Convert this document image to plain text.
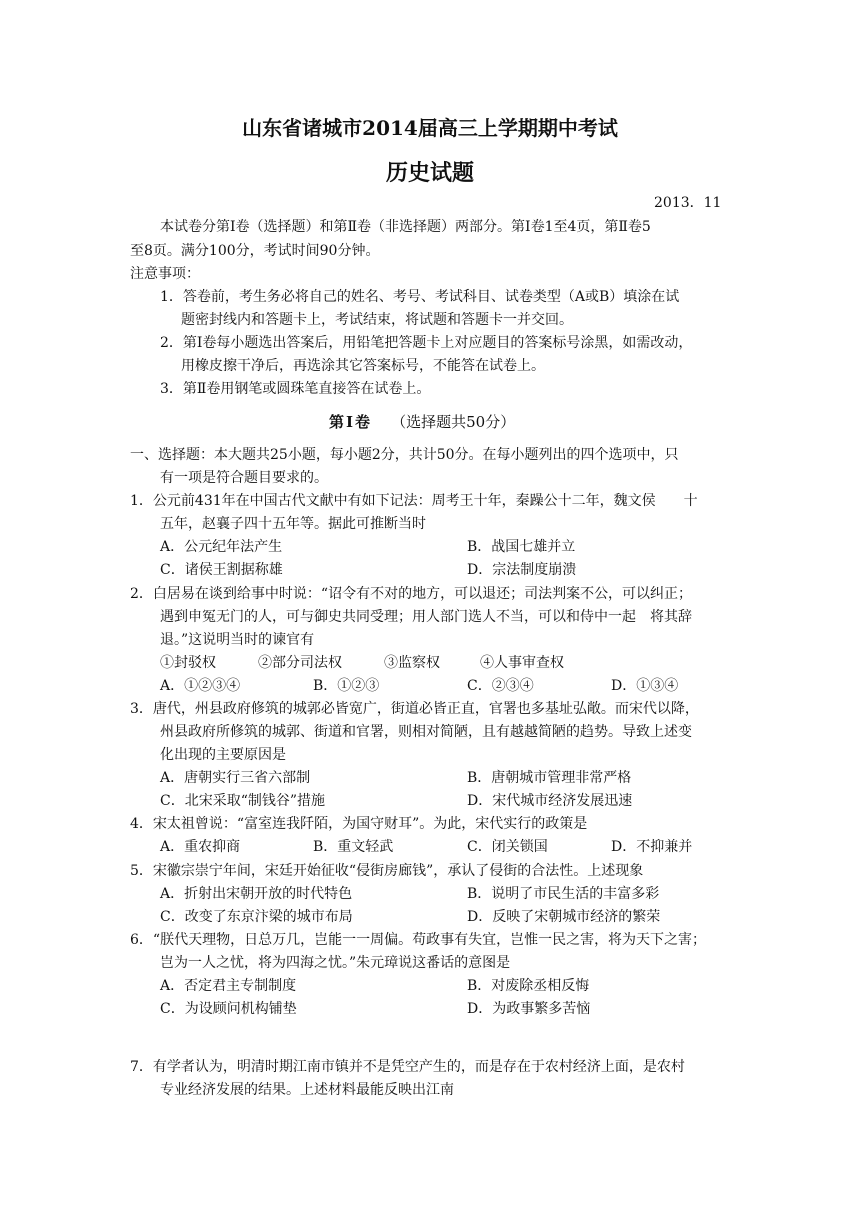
山东省诸城市2014届高三上学期期中考试
历史试题
2013．11
本试卷分第Ⅰ卷（选择题）和第Ⅱ卷（非选择题）两部分。第Ⅰ卷1至4页，第Ⅱ卷5
至8页。满分100分，考试时间90分钟。
注意事项：
1．答卷前，考生务必将自己的姓名、考号、考试科目、试卷类型（A或B）填涂在试
题密封线内和答题卡上，考试结束，将试题和答题卡一并交回。
2．第Ⅰ卷每小题选出答案后，用铅笔把答题卡上对应题目的答案标号涂黑，如需改动，
用橡皮擦干净后，再选涂其它答案标号，不能答在试卷上。
3．第Ⅱ卷用钢笔或圆珠笔直接答在试卷上。
第Ⅰ卷 （选择题共50分）
一、选择题：本大题共25小题，每小题2分，共计50分。在每小题列出的四个选项中，只
有一项是符合题目要求的。
1．公元前431年在中国古代文献中有如下记法：周考王十年，秦躁公十二年，魏文侯　　十
五年，赵襄子四十五年等。据此可推断当时
A．公元纪年法产生	B．战国七雄并立
C．诸侯王割据称雄	D．宗法制度崩溃
2．白居易在谈到给事中时说：“诏令有不对的地方，可以退还；司法判案不公，可以纠正；
遇到申冤无门的人，可与御史共同受理；用人部门选人不当，可以和侍中一起　将其辞
退。”这说明当时的谏官有
①封驳权	②部分司法权	③监察权	④人事审查权
A．①②③④	B．①②③	C．②③④	D．①③④
3．唐代，州县政府修筑的城郭必皆宽广，街道必皆正直，官署也多基址弘敞。而宋代以降，
州县政府所修筑的城郭、街道和官署，则相对简陋，且有越越简陋的趋势。导致上述变
化出现的主要原因是
A．唐朝实行三省六部制	B．唐朝城市管理非常严格
C．北宋采取“制钱谷”措施	D．宋代城市经济发展迅速
4．宋太祖曾说：“富室连我阡陌，为国守财耳”。为此，宋代实行的政策是
A．重农抑商	B．重文轻武	C．闭关锁国	D．不抑兼并
5．宋徽宗崇宁年间，宋廷开始征收“侵街房廊钱”，承认了侵街的合法性。上述现象
A．折射出宋朝开放的时代特色	B．说明了市民生活的丰富多彩
C．改变了东京汴梁的城市布局	D．反映了宋朝城市经济的繁荣
6．“朕代天理物，日总万几，岂能一一周偏。苟政事有失宜，岂惟一民之害，将为天下之害；
岂为一人之忧，将为四海之忧。”朱元璋说这番话的意图是
A．否定君主专制制度	B．对废除丞相反悔
C．为设顾问机构铺垫	D．为政事繁多苦恼
7．有学者认为，明清时期江南市镇并不是凭空产生的，而是存在于农村经济上面，是农村
专业经济发展的结果。上述材料最能反映出江南
